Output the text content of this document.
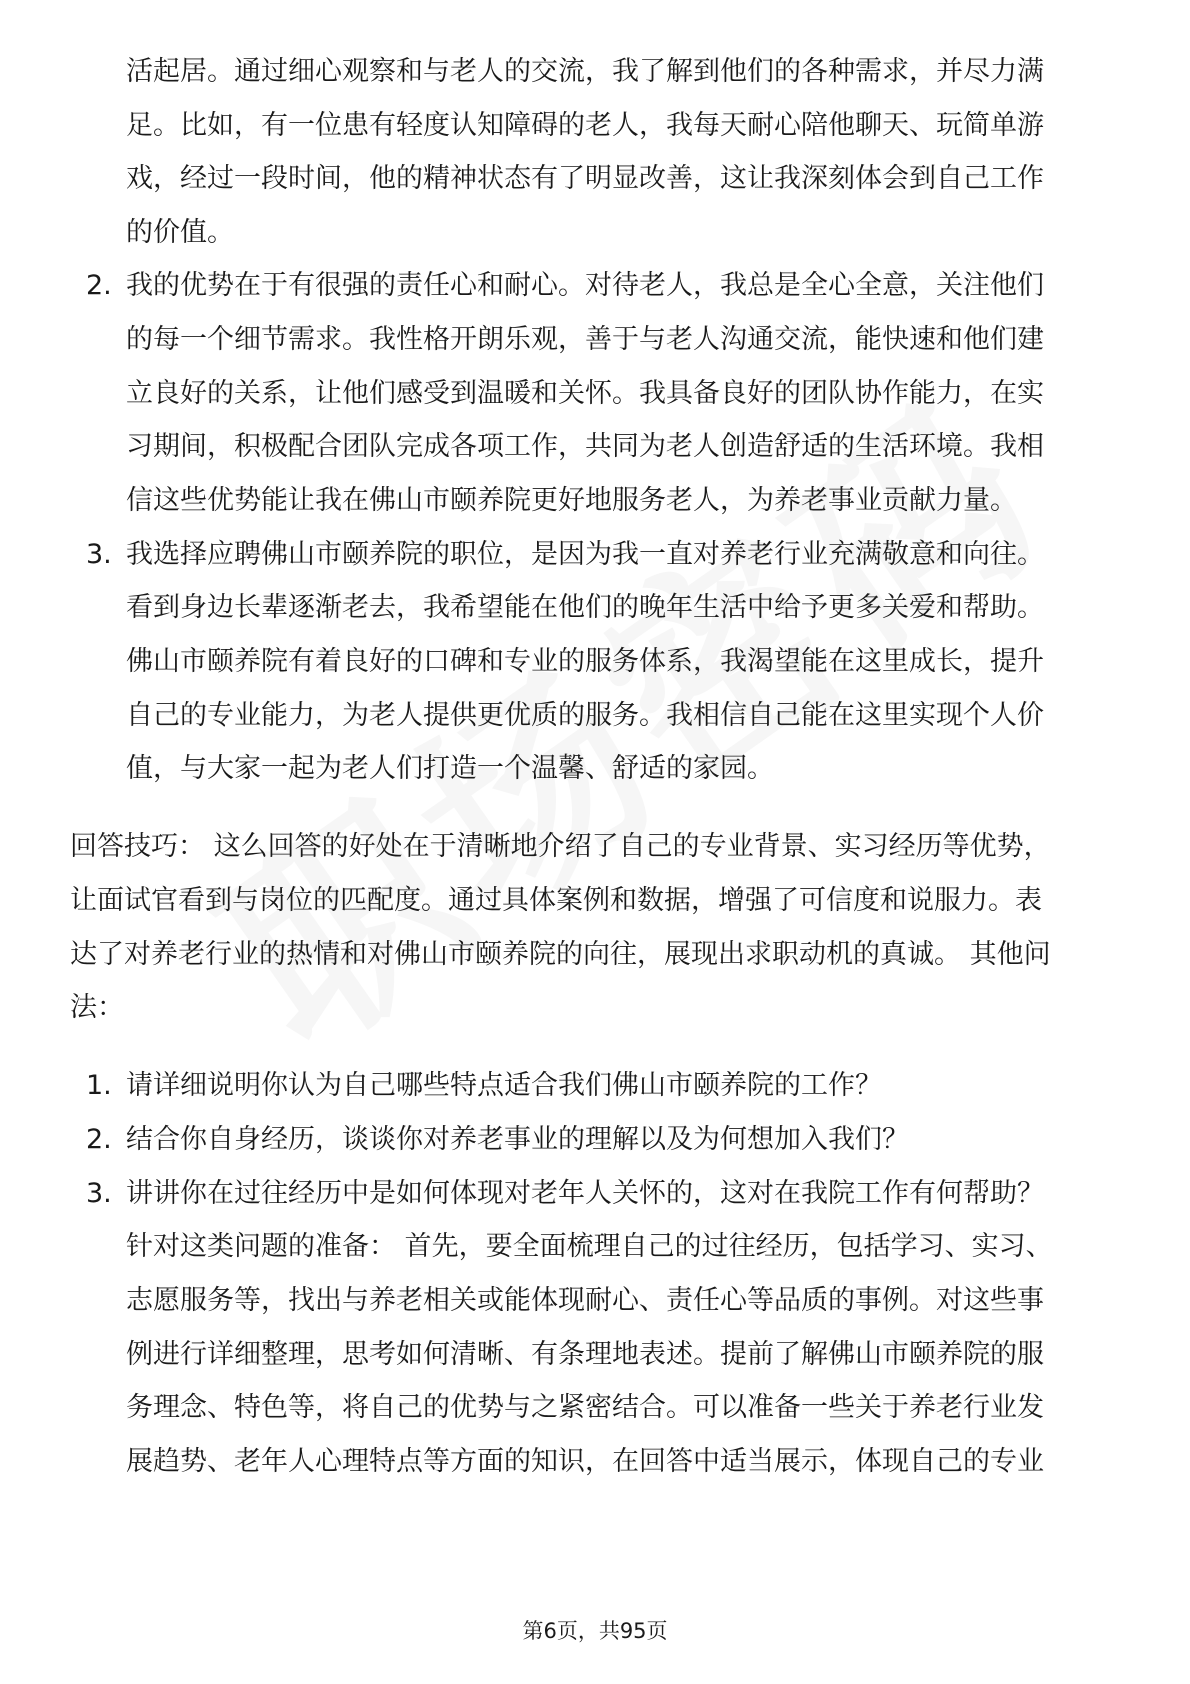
活起居。通过细心观察和与老人的交流，我了解到他们的各种需求，并尽力满
足。比如，有一位患有轻度认知障碍的老人，我每天耐心陪他聊天、玩简单游
戏，经过一段时间，他的精神状态有了明显改善，这让我深刻体会到自己工作
的价值。
2. 我的优势在于有很强的责任心和耐心。对待老人，我总是全心全意，关注他们
的每一个细节需求。我性格开朗乐观，善于与老人沟通交流，能快速和他们建
立良好的关系，让他们感受到温暖和关怀。我具备良好的团队协作能力，在实
习期间，积极配合团队完成各项工作，共同为老人创造舒适的生活环境。我相
信这些优势能让我在佛山市颐养院更好地服务老人，为养老事业贡献力量。
3. 我选择应聘佛山市颐养院的职位，是因为我一直对养老行业充满敬意和向往。
看到身边长辈逐渐老去，我希望能在他们的晚年生活中给予更多关爱和帮助。
佛山市颐养院有着良好的口碑和专业的服务体系，我渴望能在这里成长，提升
自己的专业能力，为老人提供更优质的服务。我相信自己能在这里实现个人价
值，与大家一起为老人们打造一个温馨、舒适的家园。
回答技巧： 这么回答的好处在于清晰地介绍了自己的专业背景、实习经历等优势，
让面试官看到与岗位的匹配度。通过具体案例和数据，增强了可信度和说服力。表
达了对养老行业的热情和对佛山市颐养院的向往，展现出求职动机的真诚。 其他问
法：
1. 请详细说明你认为自己哪些特点适合我们佛山市颐养院的工作？
2. 结合你自身经历，谈谈你对养老事业的理解以及为何想加入我们？
3. 讲讲你在过往经历中是如何体现对老年人关怀的，这对在我院工作有何帮助？
针对这类问题的准备： 首先，要全面梳理自己的过往经历，包括学习、实习、
志愿服务等，找出与养老相关或能体现耐心、责任心等品质的事例。对这些事
例进行详细整理，思考如何清晰、有条理地表述。提前了解佛山市颐养院的服
务理念、特色等，将自己的优势与之紧密结合。可以准备一些关于养老行业发
展趋势、老年人心理特点等方面的知识，在回答中适当展示，体现自己的专业
第6页，共95页
